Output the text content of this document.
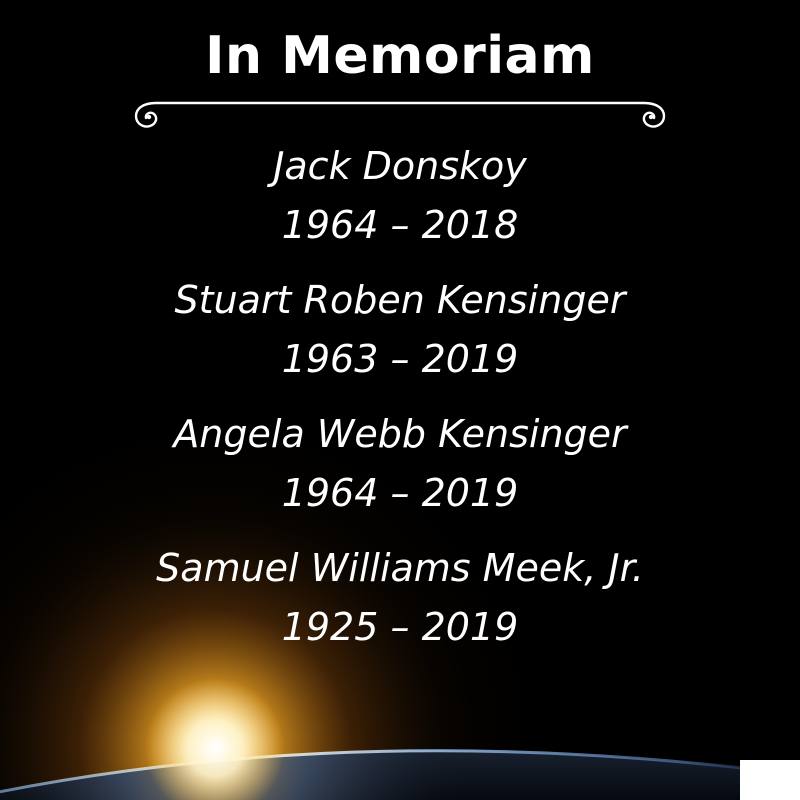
In Memoriam
Jack Donskoy
1964 – 2018
Stuart Roben Kensinger
1963 – 2019
Angela Webb Kensinger
1964 – 2019
Samuel Williams Meek, Jr.
1925 – 2019
